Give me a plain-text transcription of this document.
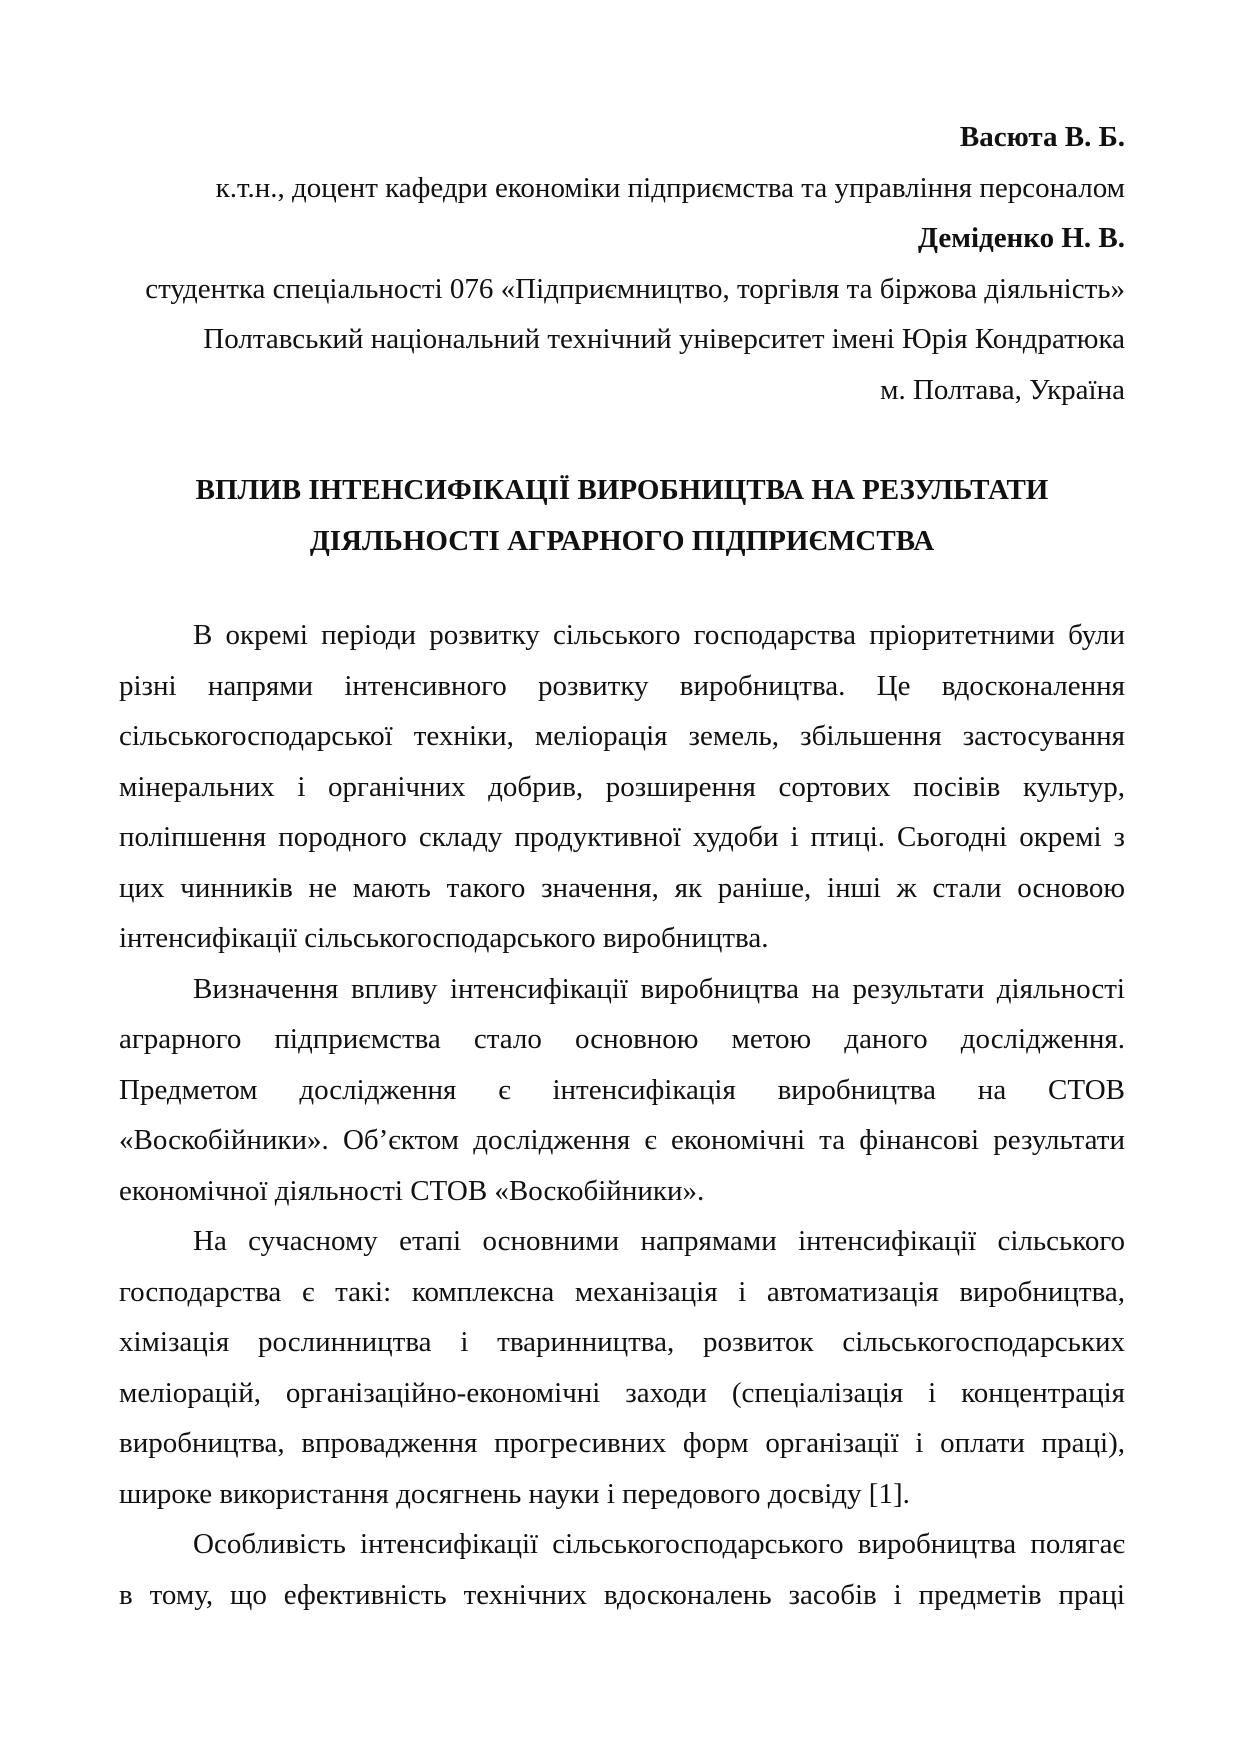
Васюта В. Б.
к.т.н., доцент кафедри економіки підприємства та управління персоналом
Деміденко Н. В.
студентка спеціальності 076 «Підприємництво, торгівля та біржова діяльність»
Полтавський національний технічний університет імені Юрія Кондратюка
м. Полтава, Україна
ВПЛИВ ІНТЕНСИФІКАЦІЇ ВИРОБНИЦТВА НА РЕЗУЛЬТАТИ
ДІЯЛЬНОСТІ АГРАРНОГО ПІДПРИЄМСТВА
В окремі періоди розвитку сільського господарства пріоритетними були
різні напрями інтенсивного розвитку виробництва. Це вдосконалення
сільськогосподарської техніки, меліорація земель, збільшення застосування
мінеральних і органічних добрив, розширення сортових посівів культур,
поліпшення породного складу продуктивної худоби і птиці. Сьогодні окремі з
цих чинників не мають такого значення, як раніше, інші ж стали основою
інтенсифікації сільськогосподарського виробництва.
Визначення впливу інтенсифікації виробництва на результати діяльності
аграрного підприємства стало основною метою даного дослідження.
Предметом дослідження є інтенсифікація виробництва на СТОВ
«Воскобійники». Об’єктом дослідження є економічні та фінансові результати
економічної діяльності СТОВ «Воскобійники».
На сучасному етапі основними напрямами інтенсифікації сільського
господарства є такі: комплексна механізація і автоматизація виробництва,
хімізація рослинництва і тваринництва, розвиток сільськогосподарських
меліорацій, організаційно-економічні заходи (спеціалізація і концентрація
виробництва, впровадження прогресивних форм організації і оплати праці),
широке використання досягнень науки і передового досвіду [1].
Особливість інтенсифікації сільськогосподарського виробництва полягає
в тому, що ефективність технічних вдосконалень засобів і предметів праці
